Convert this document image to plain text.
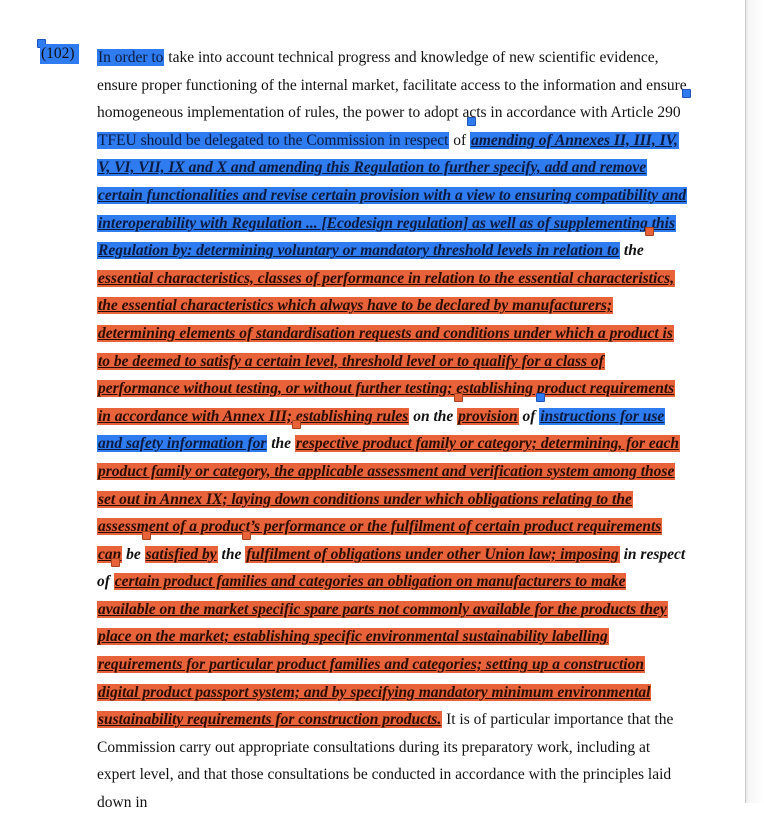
(102) In order to take into account technical progress and knowledge of new scientific evidence, ensure proper functioning of the internal market, facilitate access to the information and ensure homogeneous implementation of rules, the power to adopt acts in accordance with Article 290 TFEU should be delegated to the Commission in respect of amending of Annexes II, III, IV, V, VI, VII, IX and X and amending this Regulation to further specify, add and remove certain functionalities and revise certain provision with a view to ensuring compatibility and interoperability with Regulation ... [Ecodesign regulation] as well as of supplementing this Regulation by: determining voluntary or mandatory threshold levels in relation to the essential characteristics, classes of performance in relation to the essential characteristics, the essential characteristics which always have to be declared by manufacturers; determining elements of standardisation requests and conditions under which a product is to be deemed to satisfy a certain level, threshold level or to qualify for a class of performance without testing, or without further testing; establishing product requirements in accordance with Annex III; establishing rules on the provision of instructions for use and safety information for the respective product family or category; determining, for each product family or category, the applicable assessment and verification system among those set out in Annex IX; laying down conditions under which obligations relating to the assessment of a product’s performance or the fulfilment of certain product requirements can be satisfied by the fulfilment of obligations under other Union law; imposing in respect of certain product families and categories an obligation on manufacturers to make available on the market specific spare parts not commonly available for the products they place on the market; establishing specific environmental sustainability labelling requirements for particular product families and categories; setting up a construction digital product passport system; and by specifying mandatory minimum environmental sustainability requirements for construction products. It is of particular importance that the Commission carry out appropriate consultations during its preparatory work, including at expert level, and that those consultations be conducted in accordance with the principles laid down in
